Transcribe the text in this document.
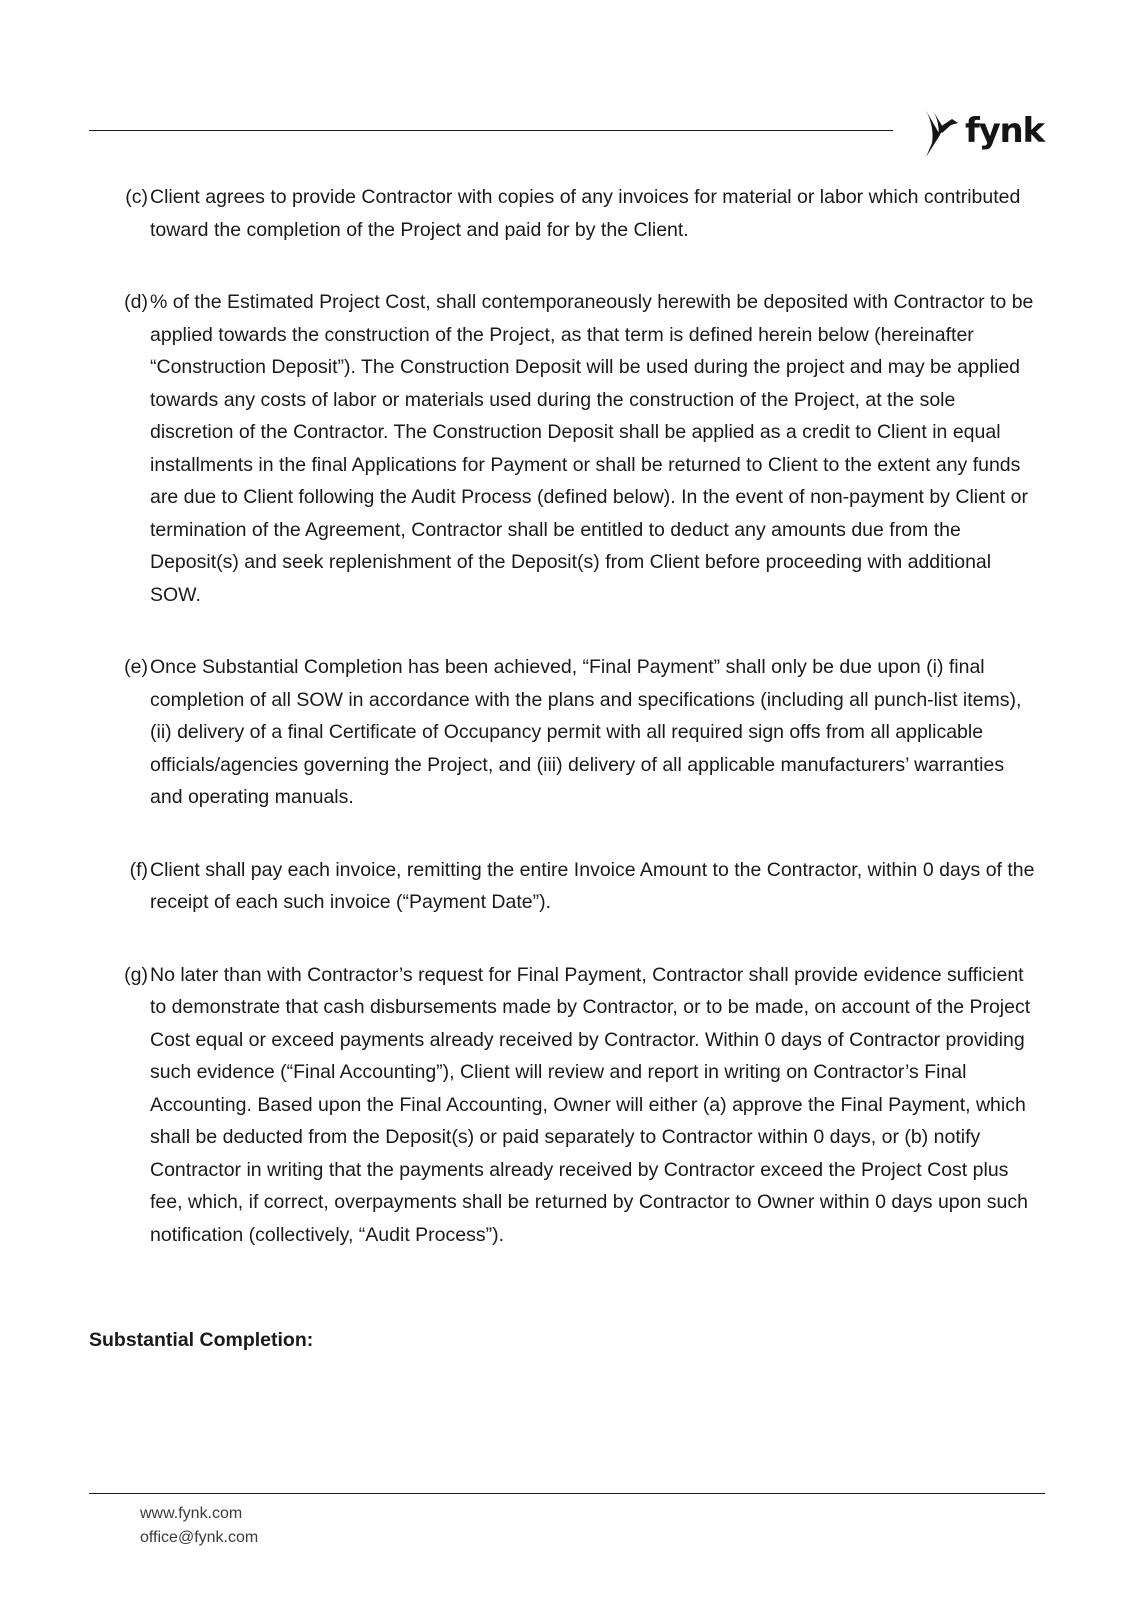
fynk

(c) Client agrees to provide Contractor with copies of any invoices for material or labor which contributed toward the completion of the Project and paid for by the Client.

(d) % of the Estimated Project Cost, shall contemporaneously herewith be deposited with Contractor to be applied towards the construction of the Project, as that term is defined herein below (hereinafter “Construction Deposit”). The Construction Deposit will be used during the project and may be applied towards any costs of labor or materials used during the construction of the Project, at the sole discretion of the Contractor. The Construction Deposit shall be applied as a credit to Client in equal installments in the final Applications for Payment or shall be returned to Client to the extent any funds are due to Client following the Audit Process (defined below). In the event of non-payment by Client or termination of the Agreement, Contractor shall be entitled to deduct any amounts due from the Deposit(s) and seek replenishment of the Deposit(s) from Client before proceeding with additional SOW.

(e) Once Substantial Completion has been achieved, “Final Payment” shall only be due upon (i) final completion of all SOW in accordance with the plans and specifications (including all punch-list items), (ii) delivery of a final Certificate of Occupancy permit with all required sign offs from all applicable officials/agencies governing the Project, and (iii) delivery of all applicable manufacturers’ warranties and operating manuals.

(f) Client shall pay each invoice, remitting the entire Invoice Amount to the Contractor, within 0 days of the receipt of each such invoice (“Payment Date”).

(g) No later than with Contractor’s request for Final Payment, Contractor shall provide evidence sufficient to demonstrate that cash disbursements made by Contractor, or to be made, on account of the Project Cost equal or exceed payments already received by Contractor. Within 0 days of Contractor providing such evidence (“Final Accounting”), Client will review and report in writing on Contractor’s Final Accounting. Based upon the Final Accounting, Owner will either (a) approve the Final Payment, which shall be deducted from the Deposit(s) or paid separately to Contractor within 0 days, or (b) notify Contractor in writing that the payments already received by Contractor exceed the Project Cost plus fee, which, if correct, overpayments shall be returned by Contractor to Owner within 0 days upon such notification (collectively, “Audit Process”).

Substantial Completion:
www.fynk.com
office@fynk.com
